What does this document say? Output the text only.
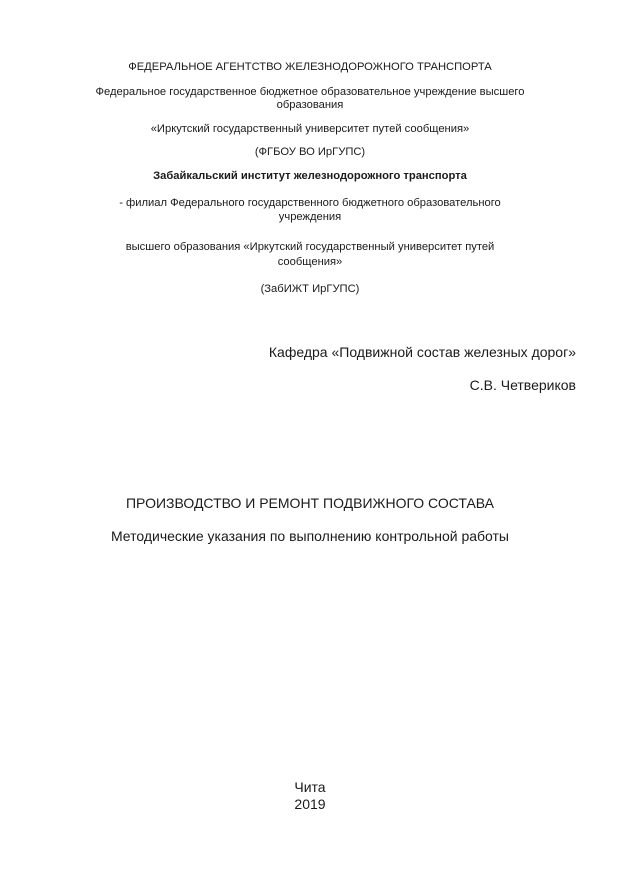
ФЕДЕРАЛЬНОЕ АГЕНТСТВО ЖЕЛЕЗНОДОРОЖНОГО ТРАНСПОРТА
Федеральное государственное бюджетное образовательное учреждение высшего
образования
«Иркутский государственный университет путей сообщения»
(ФГБОУ ВО ИрГУПС)
Забайкальский институт железнодорожного транспорта
- филиал Федерального государственного бюджетного образовательного
учреждения
высшего образования «Иркутский государственный университет путей
сообщения»
(ЗабИЖТ ИрГУПС)
Кафедра «Подвижной состав железных дорог»
С.В. Четвериков
ПРОИЗВОДСТВО И РЕМОНТ ПОДВИЖНОГО СОСТАВА
Методические указания по выполнению контрольной работы
Чита
2019
